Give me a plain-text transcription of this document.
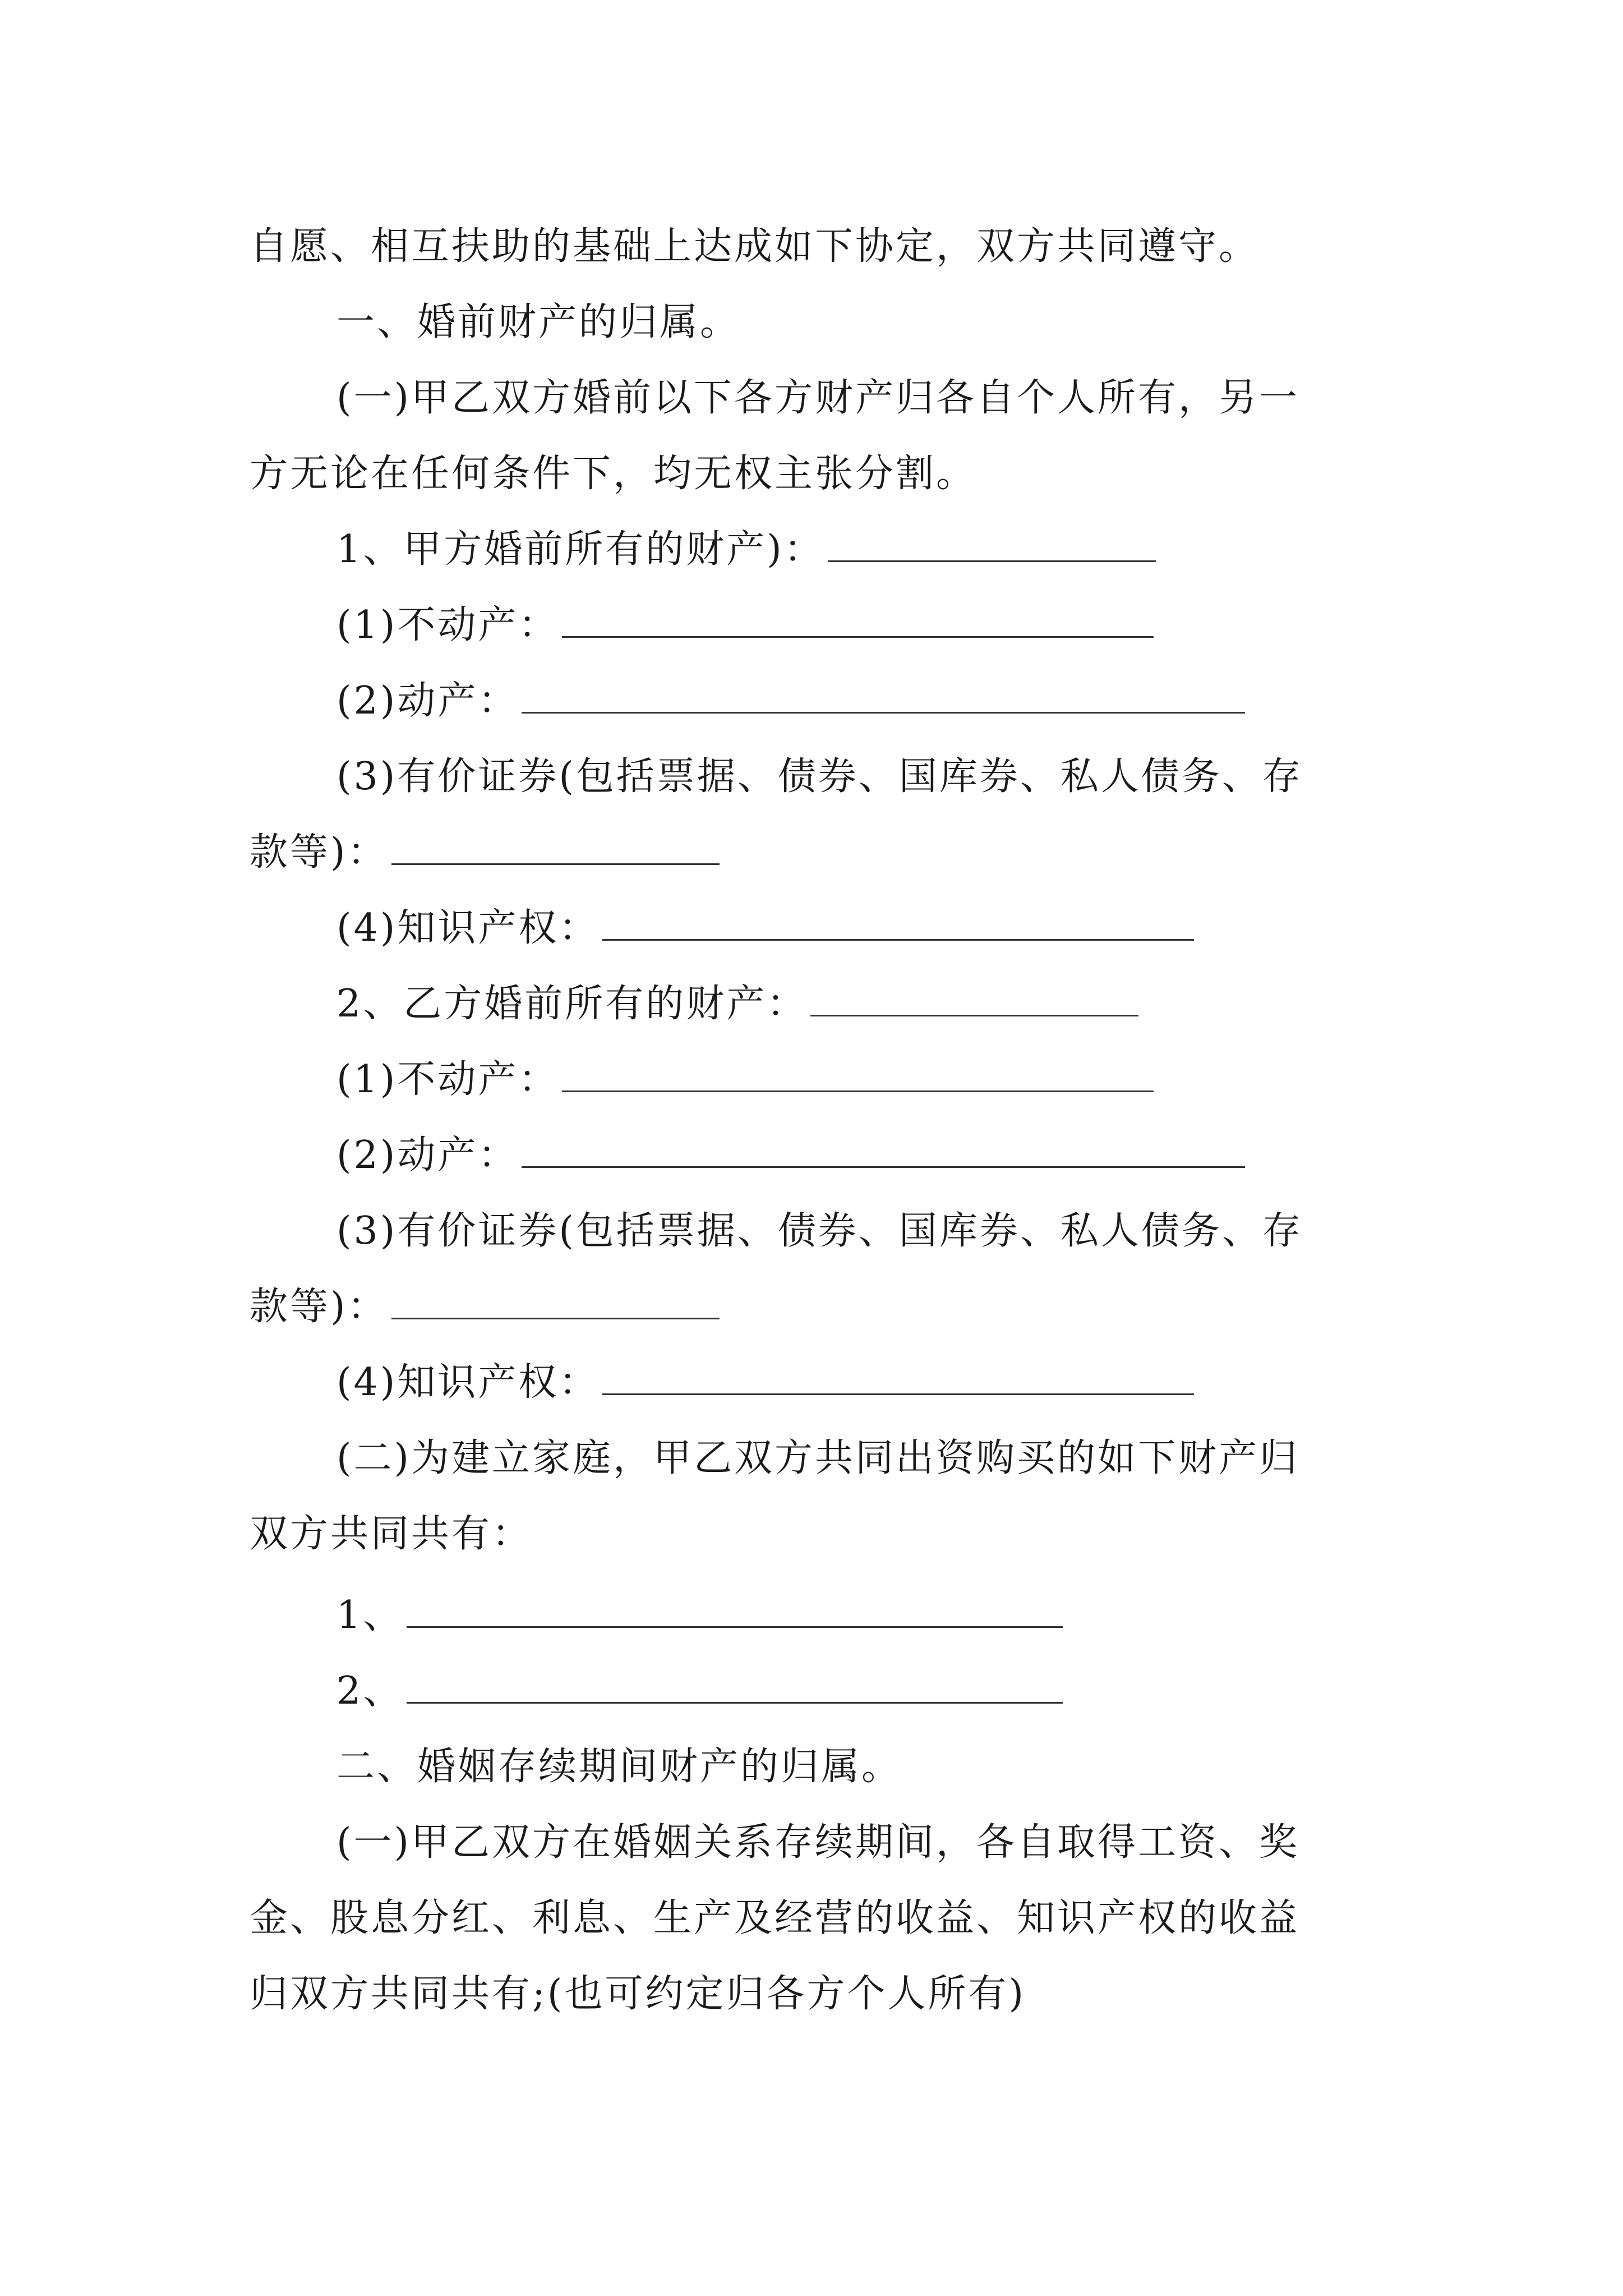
自愿、相互扶助的基础上达成如下协定，双方共同遵守。
一、婚前财产的归属。
(一)甲乙双方婚前以下各方财产归各自个人所有，另一
方无论在任何条件下，均无权主张分割。
1、甲方婚前所有的财产)：
(1)不动产：
(2)动产：
(3)有价证券(包括票据、债券、国库券、私人债务、存
款等)：
(4)知识产权：
2、乙方婚前所有的财产：
(1)不动产：
(2)动产：
(3)有价证券(包括票据、债券、国库券、私人债务、存
款等)：
(4)知识产权：
(二)为建立家庭，甲乙双方共同出资购买的如下财产归
双方共同共有：
1、
2、
二、婚姻存续期间财产的归属。
(一)甲乙双方在婚姻关系存续期间，各自取得工资、奖
金、股息分红、利息、生产及经营的收益、知识产权的收益
归双方共同共有;(也可约定归各方个人所有)
